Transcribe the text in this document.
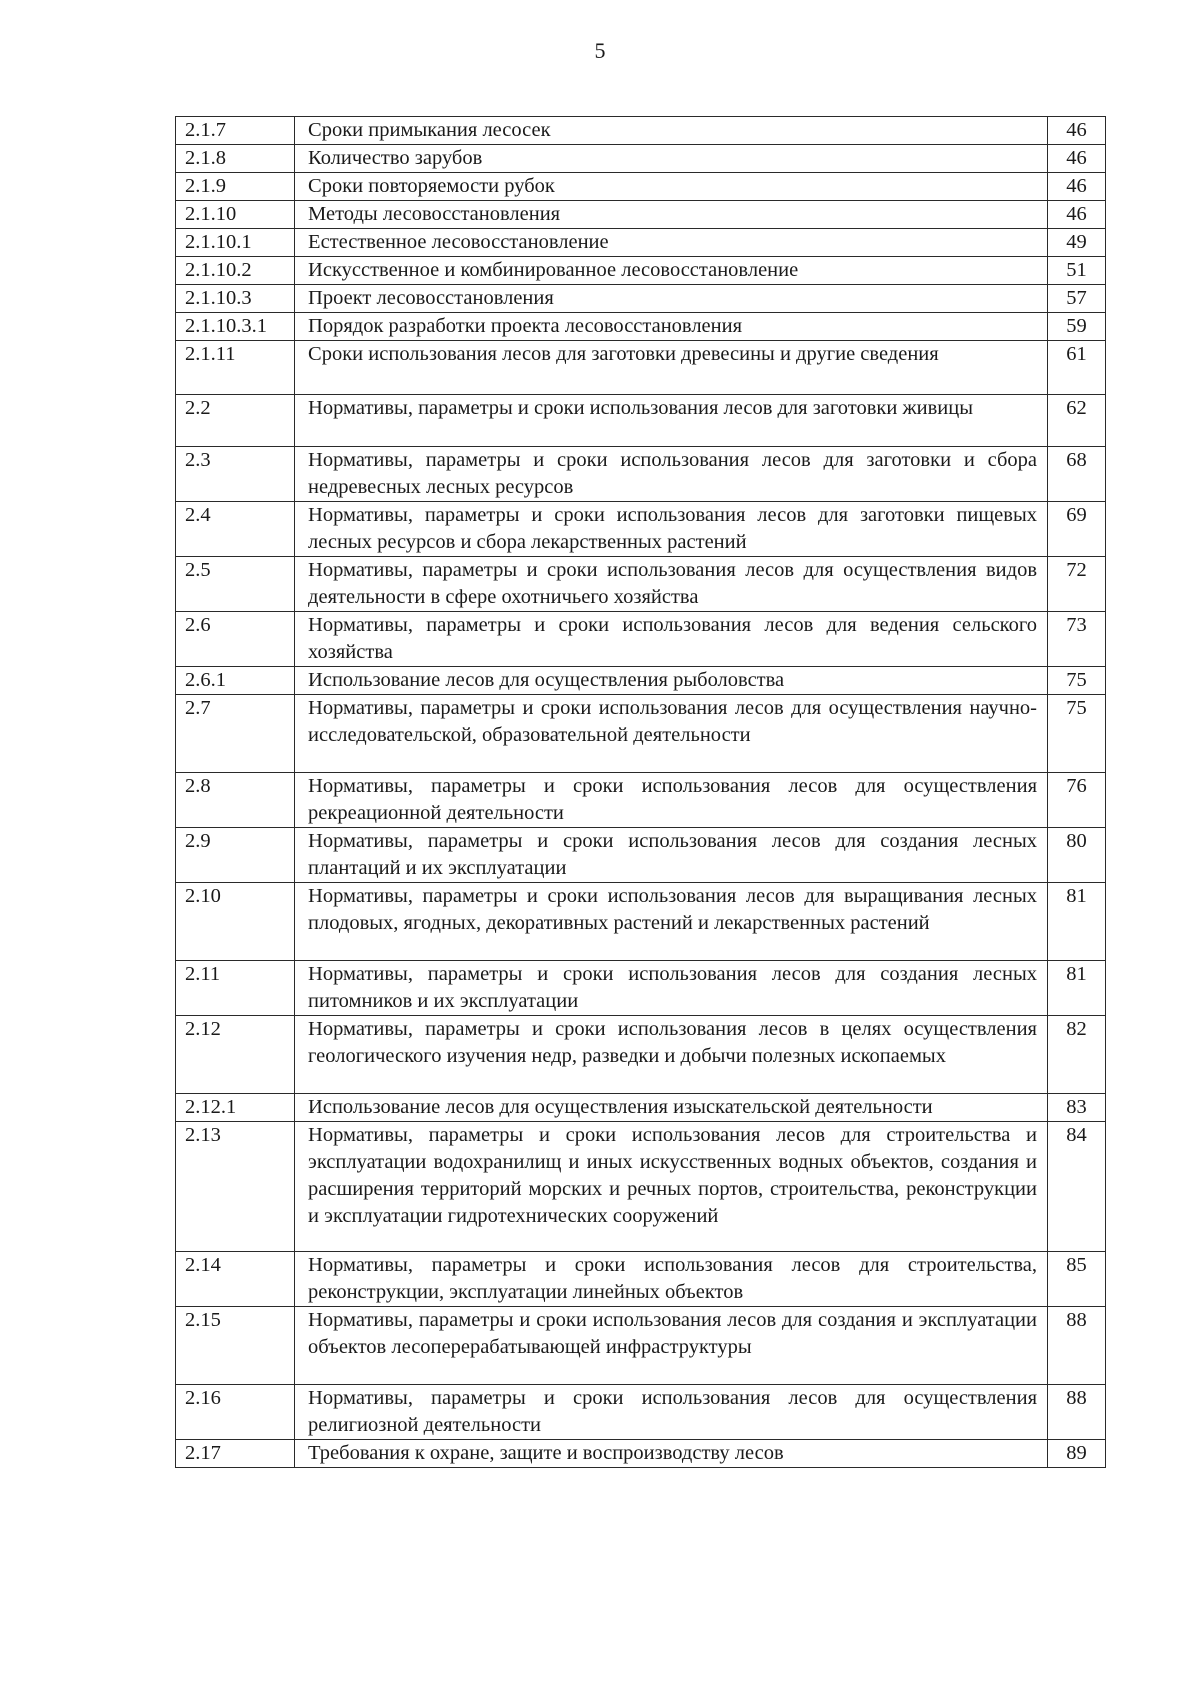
5
2.1.7	Сроки примыкания лесосек	46
2.1.8	Количество зарубов	46
2.1.9	Сроки повторяемости рубок	46
2.1.10	Методы лесовосстановления	46
2.1.10.1	Естественное лесовосстановление	49
2.1.10.2	Искусственное и комбинированное лесовосстановление	51
2.1.10.3	Проект лесовосстановления	57
2.1.10.3.1	Порядок разработки проекта лесовосстановления	59
2.1.11	Сроки использования лесов для заготовки древесины и другие сведения	61
2.2	Нормативы, параметры и сроки использования лесов для заготовки живицы	62
2.3	Нормативы, параметры и сроки использования лесов для заготовки и сбора недревесных лесных ресурсов	68
2.4	Нормативы, параметры и сроки использования лесов для заготовки пищевых лесных ресурсов и сбора лекарственных растений	69
2.5	Нормативы, параметры и сроки использования лесов для осуществления видов деятельности в сфере охотничьего хозяйства	72
2.6	Нормативы, параметры и сроки использования лесов для ведения сельского хозяйства	73
2.6.1	Использование лесов для осуществления рыболовства	75
2.7	Нормативы, параметры и сроки использования лесов для осуществления научно-исследовательской, образовательной деятельности	75
2.8	Нормативы, параметры и сроки использования лесов для осуществления рекреационной деятельности	76
2.9	Нормативы, параметры и сроки использования лесов для создания лесных плантаций и их эксплуатации	80
2.10	Нормативы, параметры и сроки использования лесов для выращивания лесных плодовых, ягодных, декоративных растений и лекарственных растений	81
2.11	Нормативы, параметры и сроки использования лесов для создания лесных питомников и их эксплуатации	81
2.12	Нормативы, параметры и сроки использования лесов в целях осуществления геологического изучения недр, разведки и добычи полезных ископаемых	82
2.12.1	Использование лесов для осуществления изыскательской деятельности	83
2.13	Нормативы, параметры и сроки использования лесов для строительства и эксплуатации водохранилищ и иных искусственных водных объектов, создания и расширения территорий морских и речных портов, строительства, реконструкции и эксплуатации гидротехнических сооружений	84
2.14	Нормативы, параметры и сроки использования лесов для строительства, реконструкции, эксплуатации линейных объектов	85
2.15	Нормативы, параметры и сроки использования лесов для создания и эксплуатации объектов лесоперерабатывающей инфраструктуры	88
2.16	Нормативы, параметры и сроки использования лесов для осуществления религиозной деятельности	88
2.17	Требования к охране, защите и воспроизводству лесов	89
